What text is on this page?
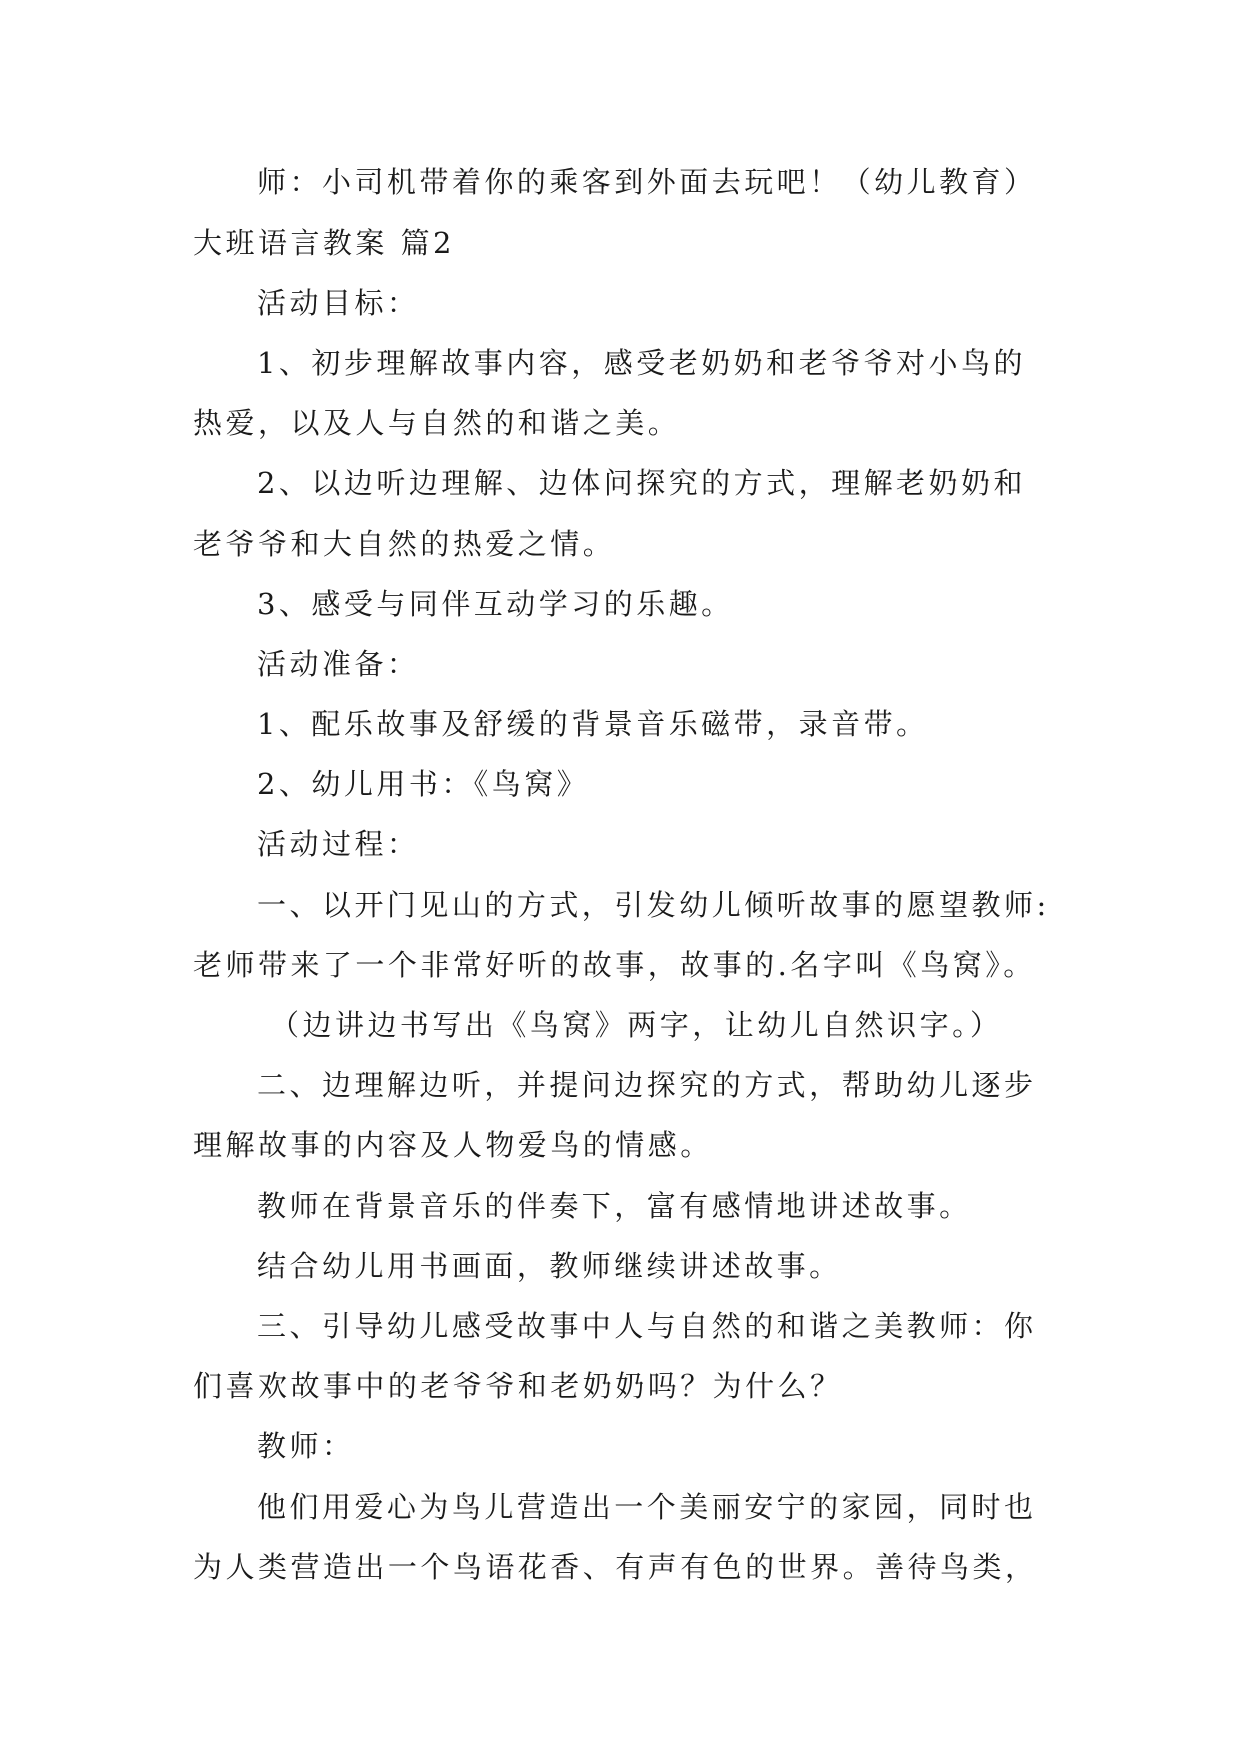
师：小司机带着你的乘客到外面去玩吧！（幼儿教育）
大班语言教案 篇2
活动目标：
1、初步理解故事内容，感受老奶奶和老爷爷对小鸟的
热爱，以及人与自然的和谐之美。
2、以边听边理解、边体问探究的方式，理解老奶奶和
老爷爷和大自然的热爱之情。
3、感受与同伴互动学习的乐趣。
活动准备：
1、配乐故事及舒缓的背景音乐磁带，录音带。
2、幼儿用书：《鸟窝》
活动过程：
一、以开门见山的方式，引发幼儿倾听故事的愿望教师:
老师带来了一个非常好听的故事，故事的.名字叫《鸟窝》。
（边讲边书写出《鸟窝》两字，让幼儿自然识字。）
二、边理解边听，并提问边探究的方式，帮助幼儿逐步
理解故事的内容及人物爱鸟的情感。
教师在背景音乐的伴奏下，富有感情地讲述故事。
结合幼儿用书画面，教师继续讲述故事。
三、引导幼儿感受故事中人与自然的和谐之美教师：你
们喜欢故事中的老爷爷和老奶奶吗？为什么？
教师：
他们用爱心为鸟儿营造出一个美丽安宁的家园，同时也
为人类营造出一个鸟语花香、有声有色的世界。善待鸟类，
